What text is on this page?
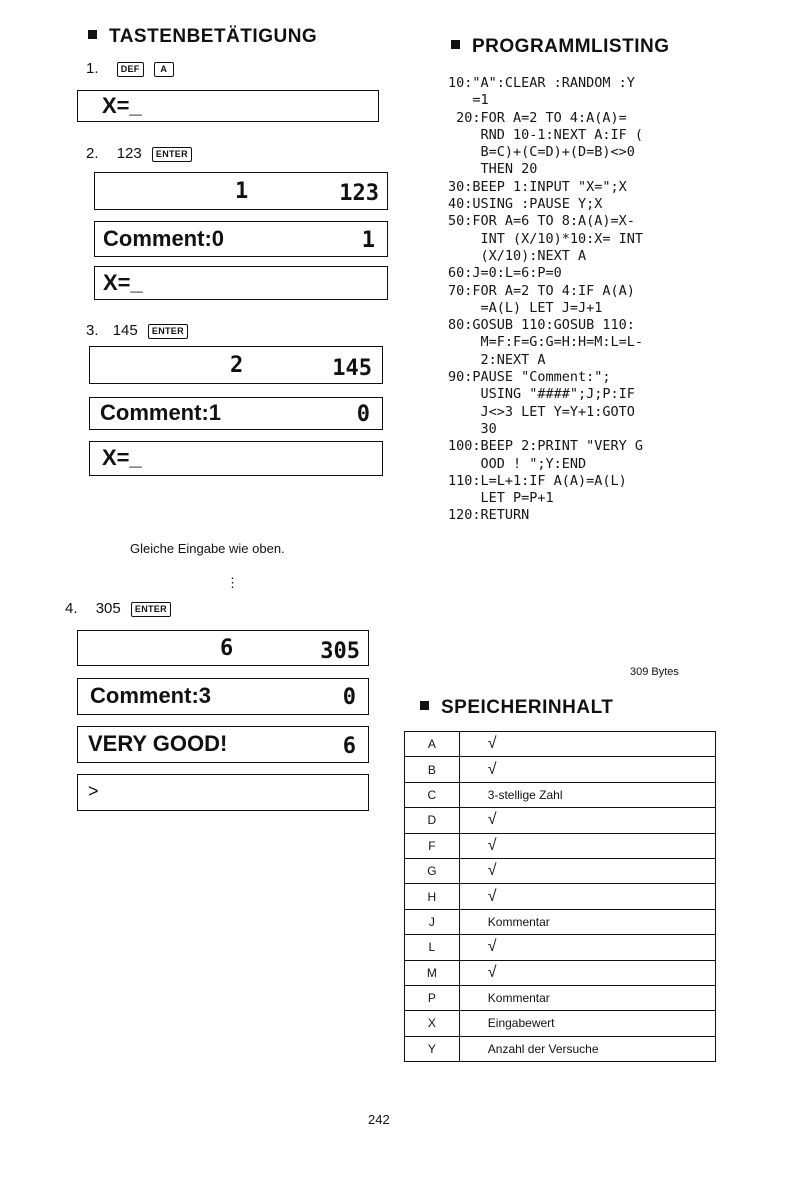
TASTENBETÄTIGUNG
1. DEF A
X=_
2. 123 ENTER
1	123
Comment:0	1
X=_
3. 145 ENTER
2	145
Comment:1	0
X=_
Gleiche Eingabe wie oben.
⋮
4. 305 ENTER
6	305
Comment:3	0
VERY GOOD!	6
>
PROGRAMMLISTING
10:"A":CLEAR :RANDOM :Y
=1
20:FOR A=2 TO 4:A(A)=
RND 10-1:NEXT A:IF (
B=C)+(C=D)+(D=B)<>0
THEN 20
30:BEEP 1:INPUT "X=";X
40:USING :PAUSE Y;X
50:FOR A=6 TO 8:A(A)=X-
INT (X/10)*10:X= INT
(X/10):NEXT A
60:J=0:L=6:P=0
70:FOR A=2 TO 4:IF A(A)
=A(L) LET J=J+1
80:GOSUB 110:GOSUB 110:
M=F:F=G:G=H:H=M:L=L-
2:NEXT A
90:PAUSE "Comment:";
USING "####";J;P:IF
J<>3 LET Y=Y+1:GOTO
30
100:BEEP 2:PRINT "VERY G
OOD ! ";Y:END
110:L=L+1:IF A(A)=A(L)
LET P=P+1
120:RETURN
309 Bytes
SPEICHERINHALT
A	√
B	√
C	3-stellige Zahl
D	√
F	√
G	√
H	√
J	Kommentar
L	√
M	√
P	Kommentar
X	Eingabewert
Y	Anzahl der Versuche
242
